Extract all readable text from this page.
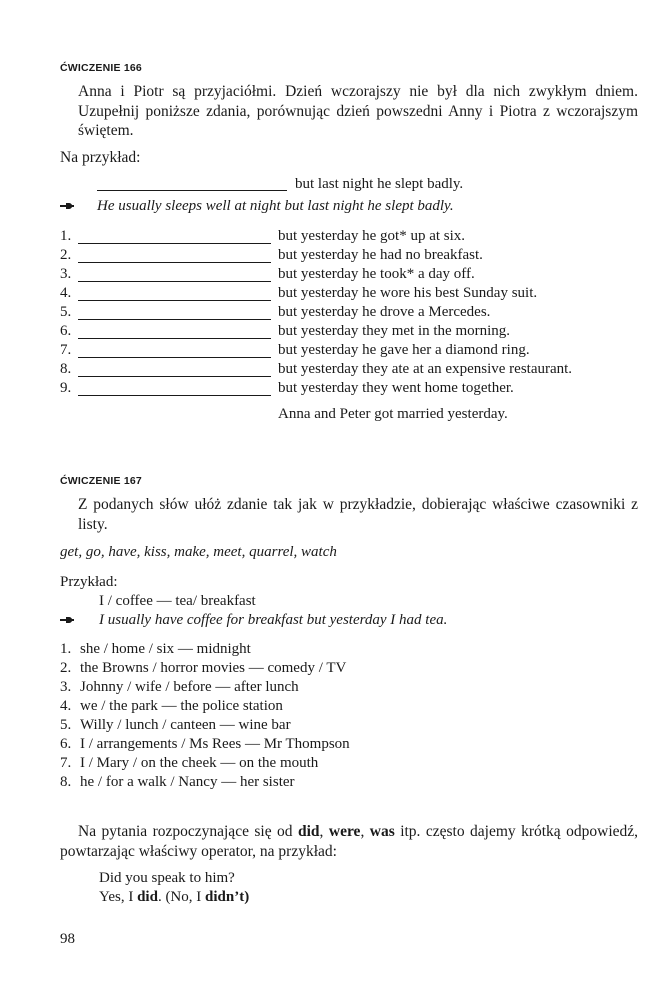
ĆWICZENIE 166
Anna i Piotr są przyjaciółmi. Dzień wczorajszy nie był dla nich zwykłym dniem. Uzupełnij poniższe zdania, porównując dzień powszedni Anny i Piotra z wczorajszym świętem.
Na przykład:
but last night he slept badly.
He usually sleeps well at night but last night he slept badly.
1.	but yesterday he got* up at six.
2.	but yesterday he had no breakfast.
3.	but yesterday he took* a day off.
4.	but yesterday he wore his best Sunday suit.
5.	but yesterday he drove a Mercedes.
6.	but yesterday they met in the morning.
7.	but yesterday he gave her a diamond ring.
8.	but yesterday they ate at an expensive restaurant.
9.	but yesterday they went home together.
Anna and Peter got married yesterday.
ĆWICZENIE 167
Z podanych słów ułóż zdanie tak jak w przykładzie, dobierając właściwe czasowniki z listy.
get, go, have, kiss, make, meet, quarrel, watch
Przykład:
I / coffee — tea/ breakfast
I usually have coffee for breakfast but yesterday I had tea.
1. she / home / six — midnight
2. the Browns / horror movies — comedy / TV
3. Johnny / wife / before — after lunch
4. we / the park — the police station
5. Willy / lunch / canteen — wine bar
6. I / arrangements / Ms Rees — Mr Thompson
7. I / Mary / on the cheek — on the mouth
8. he / for a walk / Nancy — her sister
Na pytania rozpoczynające się od did, were, was itp. często dajemy krótką odpowiedź, powtarzając właściwy operator, na przykład:
Did you speak to him?
Yes, I did. (No, I didn’t)
98
